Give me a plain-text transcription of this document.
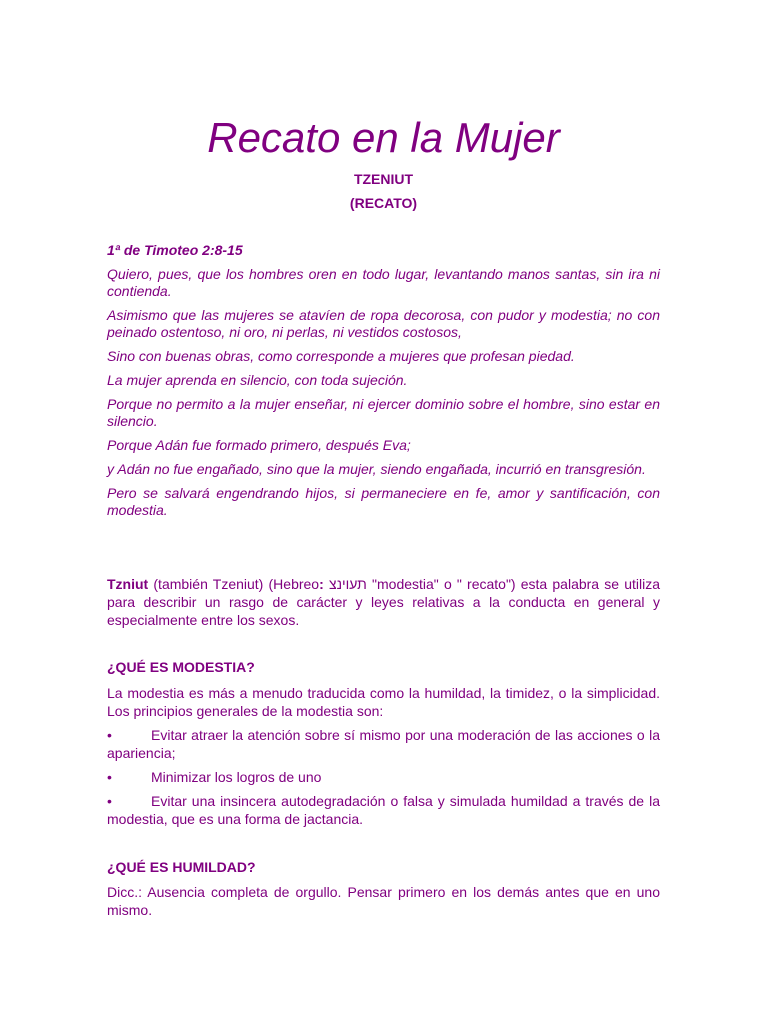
Recato en la Mujer

TZENIUT

(RECATO)

1ª de Timoteo 2:8-15

Quiero, pues, que los hombres oren en todo lugar, levantando manos santas, sin ira ni contienda.

Asimismo que las mujeres se atavíen de ropa decorosa, con pudor y modestia; no con peinado ostentoso, ni oro, ni perlas, ni vestidos costosos,

Sino con buenas obras, como corresponde a mujeres que profesan piedad.

La mujer aprenda en silencio, con toda sujeción.

Porque no permito a la mujer enseñar, ni ejercer dominio sobre el hombre, sino estar en silencio.

Porque Adán fue formado primero, después Eva;

y Adán no fue engañado, sino que la mujer, siendo engañada, incurrió en transgresión.

Pero se salvará engendrando hijos, si permaneciere en fe, amor y santificación, con modestia.

Tzniut (también Tzeniut) (Hebreo: תעוינצ "modestia" o " recato") esta palabra se utiliza para describir un rasgo de carácter y leyes relativas a la conducta en general y especialmente entre los sexos.

¿QUÉ ES MODESTIA?

La modestia es más a menudo traducida como la humildad, la timidez, o la simplicidad. Los principios generales de la modestia son:

•	Evitar atraer la atención sobre sí mismo por una moderación de las acciones o la apariencia;

•	Minimizar los logros de uno

•	Evitar una insincera autodegradación o falsa y simulada humildad a través de la modestia, que es una forma de jactancia.

¿QUÉ ES HUMILDAD?

Dicc.: Ausencia completa de orgullo. Pensar primero en los demás antes que en uno mismo.
